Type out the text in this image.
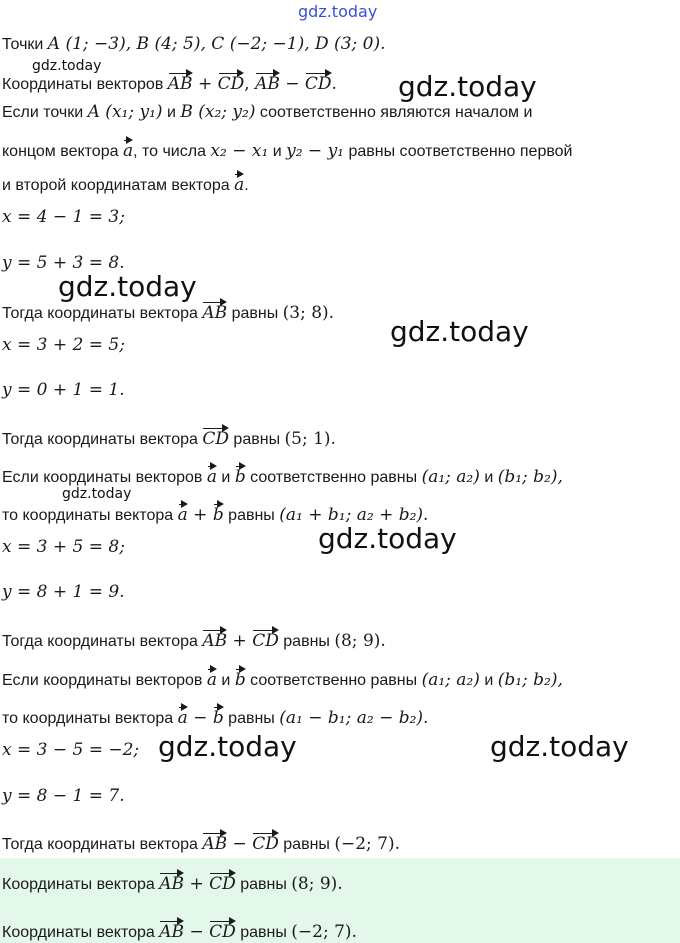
gdz.today
gdz.today
gdz.today
gdz.today
gdz.today
gdz.today
gdz.today
gdz.today	gdz.today
Точки A (1; −3), B (4; 5), C (−2; −1), D (3; 0).
Координаты векторов AB + CD, AB − CD.
Если точки A (x₁; y₁) и B (x₂; y₂) соответственно являются началом и
концом вектора a, то числа x₂ − x₁ и y₂ − y₁ равны соответственно первой
и второй координатам вектора a.
x = 4 − 1 = 3;
y = 5 + 3 = 8.
Тогда координаты вектора AB равны (3; 8).
x = 3 + 2 = 5;
y = 0 + 1 = 1.
Тогда координаты вектора CD равны (5; 1).
Если координаты векторов a и b соответственно равны (a₁; a₂) и (b₁; b₂),
то координаты вектора a + b равны (a₁ + b₁; a₂ + b₂).
x = 3 + 5 = 8;
y = 8 + 1 = 9.
Тогда координаты вектора AB + CD равны (8; 9).
Если координаты векторов a и b соответственно равны (a₁; a₂) и (b₁; b₂),
то координаты вектора a − b равны (a₁ − b₁; a₂ − b₂).
x = 3 − 5 = −2;
y = 8 − 1 = 7.
Тогда координаты вектора AB − CD равны (−2; 7).
Координаты вектора AB + CD равны (8; 9).
Координаты вектора AB − CD равны (−2; 7).
